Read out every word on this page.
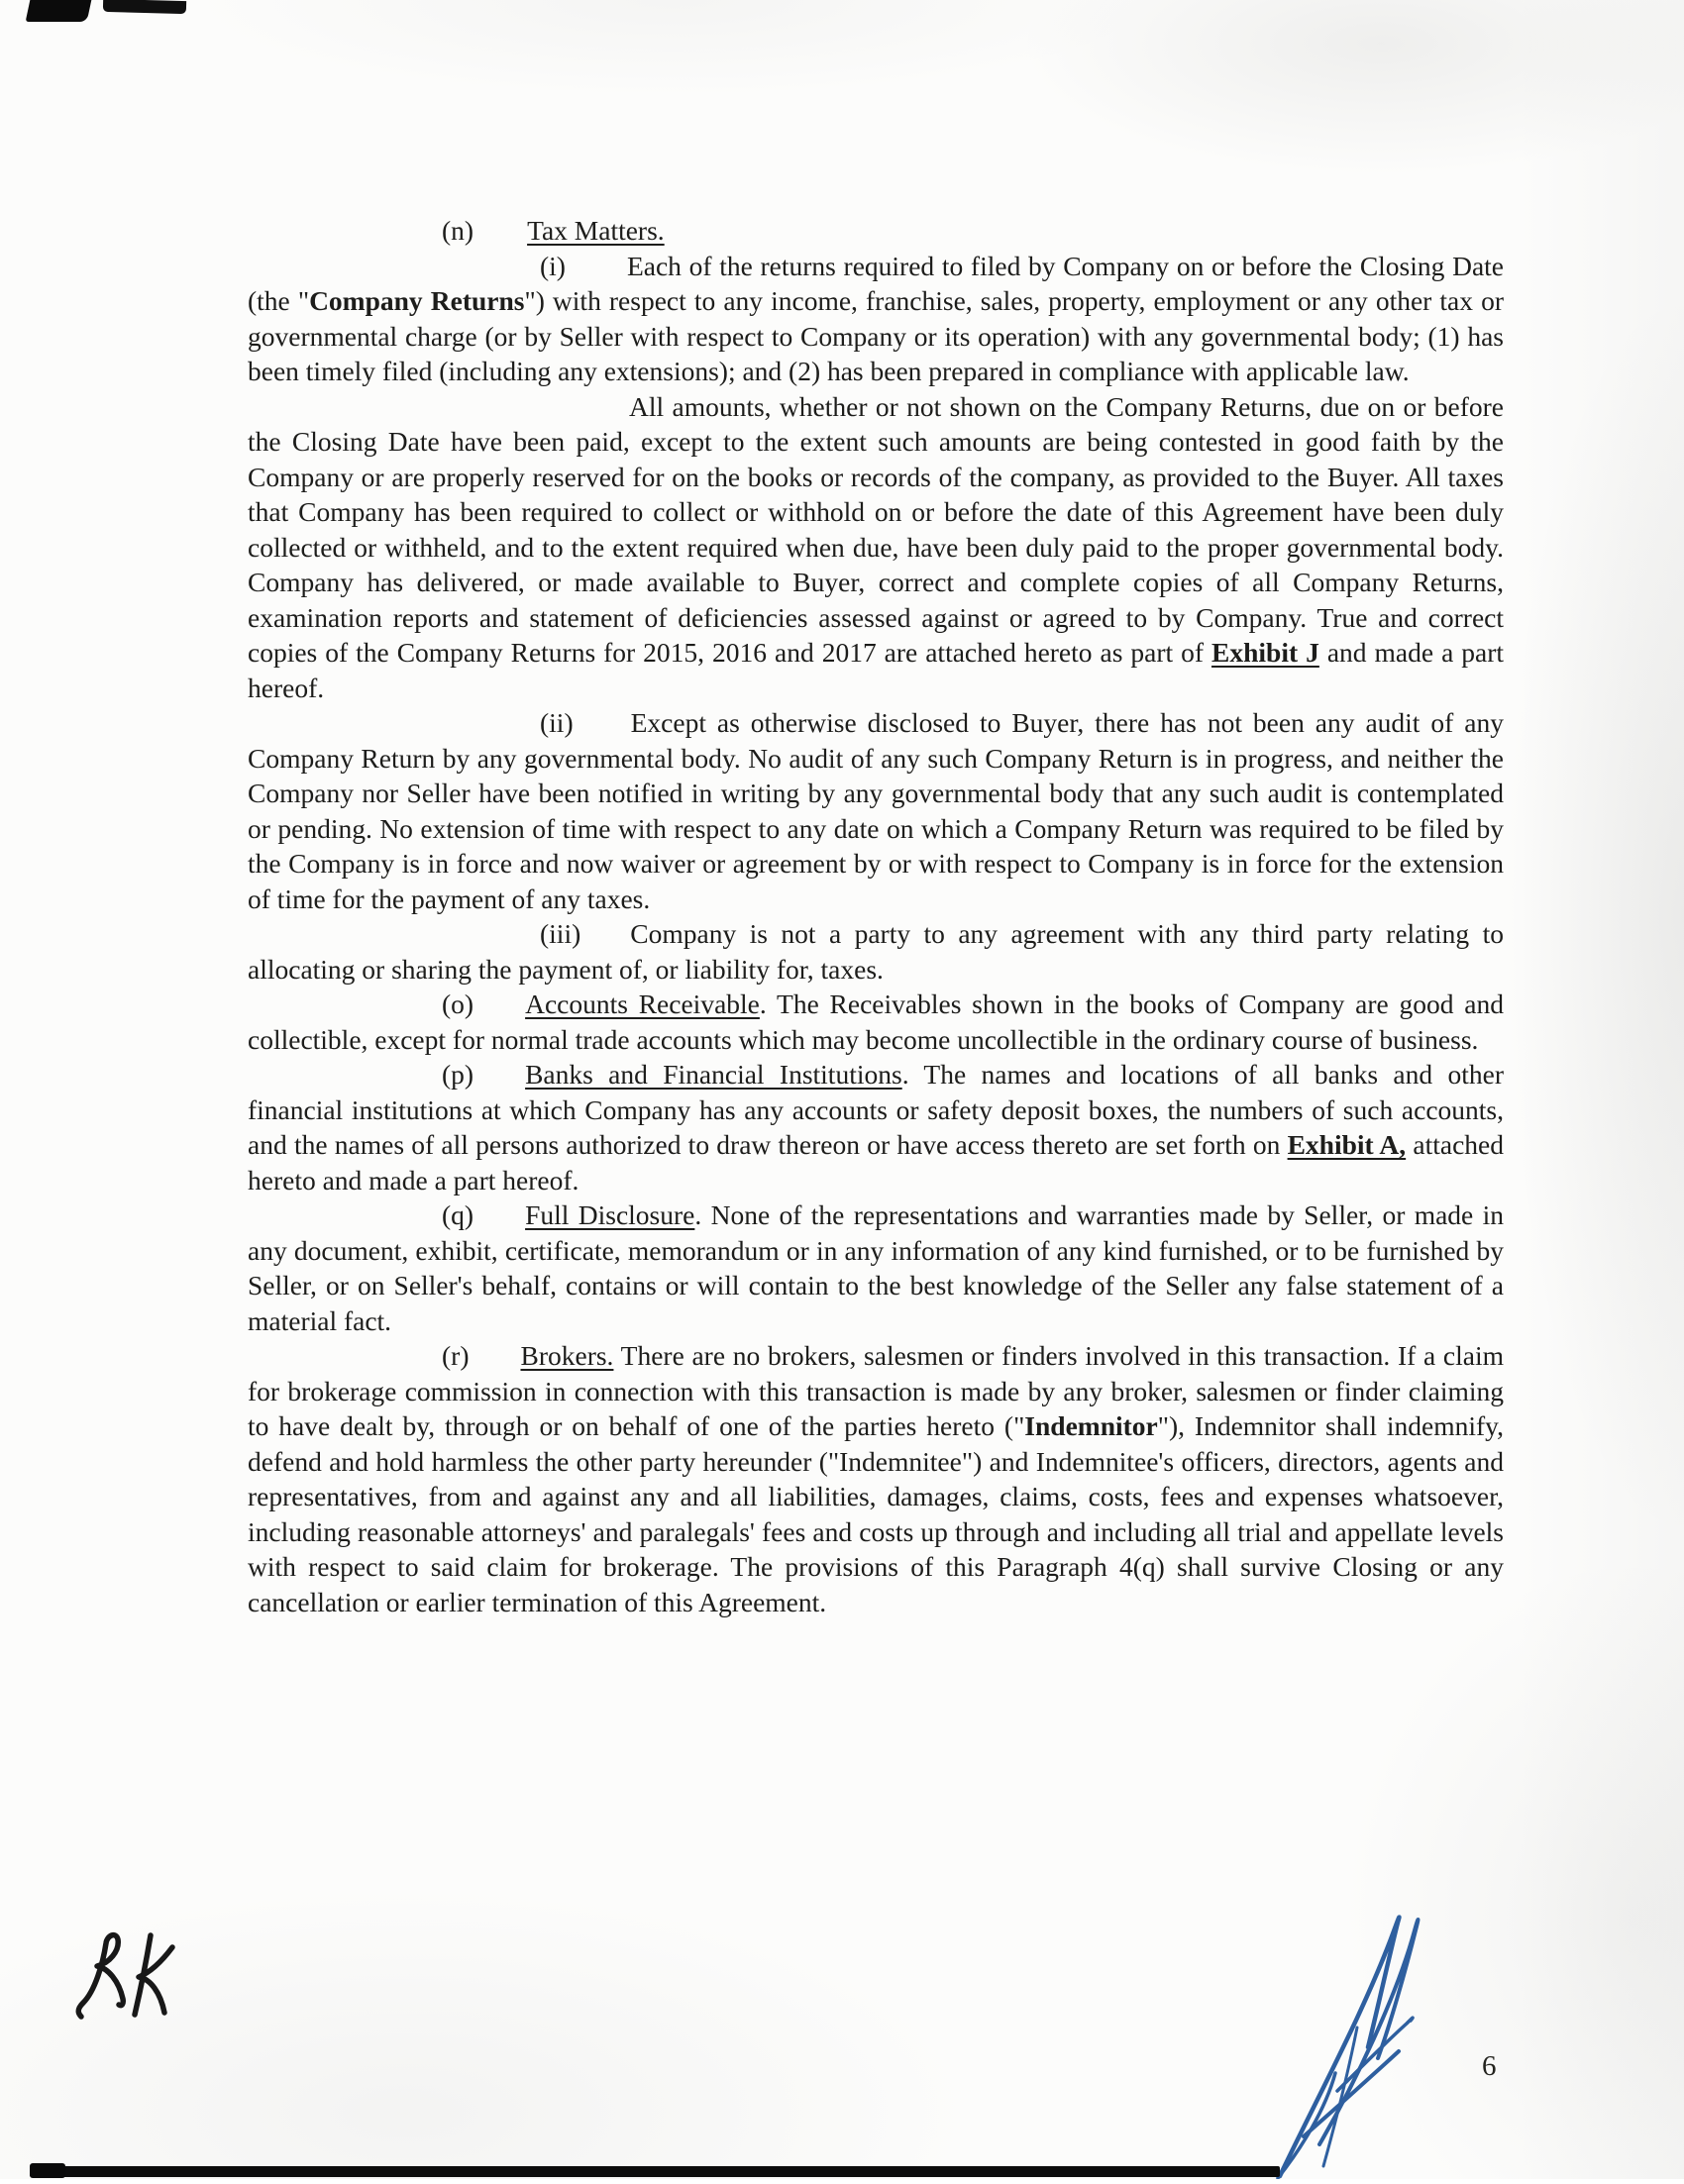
(n) Tax Matters.

(i) Each of the returns required to filed by Company on or before the Closing Date (the "Company Returns") with respect to any income, franchise, sales, property, employment or any other tax or governmental charge (or by Seller with respect to Company or its operation) with any governmental body; (1) has been timely filed (including any extensions); and (2) has been prepared in compliance with applicable law.

All amounts, whether or not shown on the Company Returns, due on or before the Closing Date have been paid, except to the extent such amounts are being contested in good faith by the Company or are properly reserved for on the books or records of the company, as provided to the Buyer. All taxes that Company has been required to collect or withhold on or before the date of this Agreement have been duly collected or withheld, and to the extent required when due, have been duly paid to the proper governmental body. Company has delivered, or made available to Buyer, correct and complete copies of all Company Returns, examination reports and statement of deficiencies assessed against or agreed to by Company. True and correct copies of the Company Returns for 2015, 2016 and 2017 are attached hereto as part of Exhibit J and made a part hereof.

(ii) Except as otherwise disclosed to Buyer, there has not been any audit of any Company Return by any governmental body. No audit of any such Company Return is in progress, and neither the Company nor Seller have been notified in writing by any governmental body that any such audit is contemplated or pending. No extension of time with respect to any date on which a Company Return was required to be filed by the Company is in force and now waiver or agreement by or with respect to Company is in force for the extension of time for the payment of any taxes.

(iii) Company is not a party to any agreement with any third party relating to allocating or sharing the payment of, or liability for, taxes.

(o) Accounts Receivable. The Receivables shown in the books of Company are good and collectible, except for normal trade accounts which may become uncollectible in the ordinary course of business.

(p) Banks and Financial Institutions. The names and locations of all banks and other financial institutions at which Company has any accounts or safety deposit boxes, the numbers of such accounts, and the names of all persons authorized to draw thereon or have access thereto are set forth on Exhibit A, attached hereto and made a part hereof.

(q) Full Disclosure. None of the representations and warranties made by Seller, or made in any document, exhibit, certificate, memorandum or in any information of any kind furnished, or to be furnished by Seller, or on Seller's behalf, contains or will contain to the best knowledge of the Seller any false statement of a material fact.

(r) Brokers. There are no brokers, salesmen or finders involved in this transaction. If a claim for brokerage commission in connection with this transaction is made by any broker, salesmen or finder claiming to have dealt by, through or on behalf of one of the parties hereto ("Indemnitor"), Indemnitor shall indemnify, defend and hold harmless the other party hereunder ("Indemnitee") and Indemnitee's officers, directors, agents and representatives, from and against any and all liabilities, damages, claims, costs, fees and expenses whatsoever, including reasonable attorneys' and paralegals' fees and costs up through and including all trial and appellate levels with respect to said claim for brokerage. The provisions of this Paragraph 4(q) shall survive Closing or any cancellation or earlier termination of this Agreement.

6
